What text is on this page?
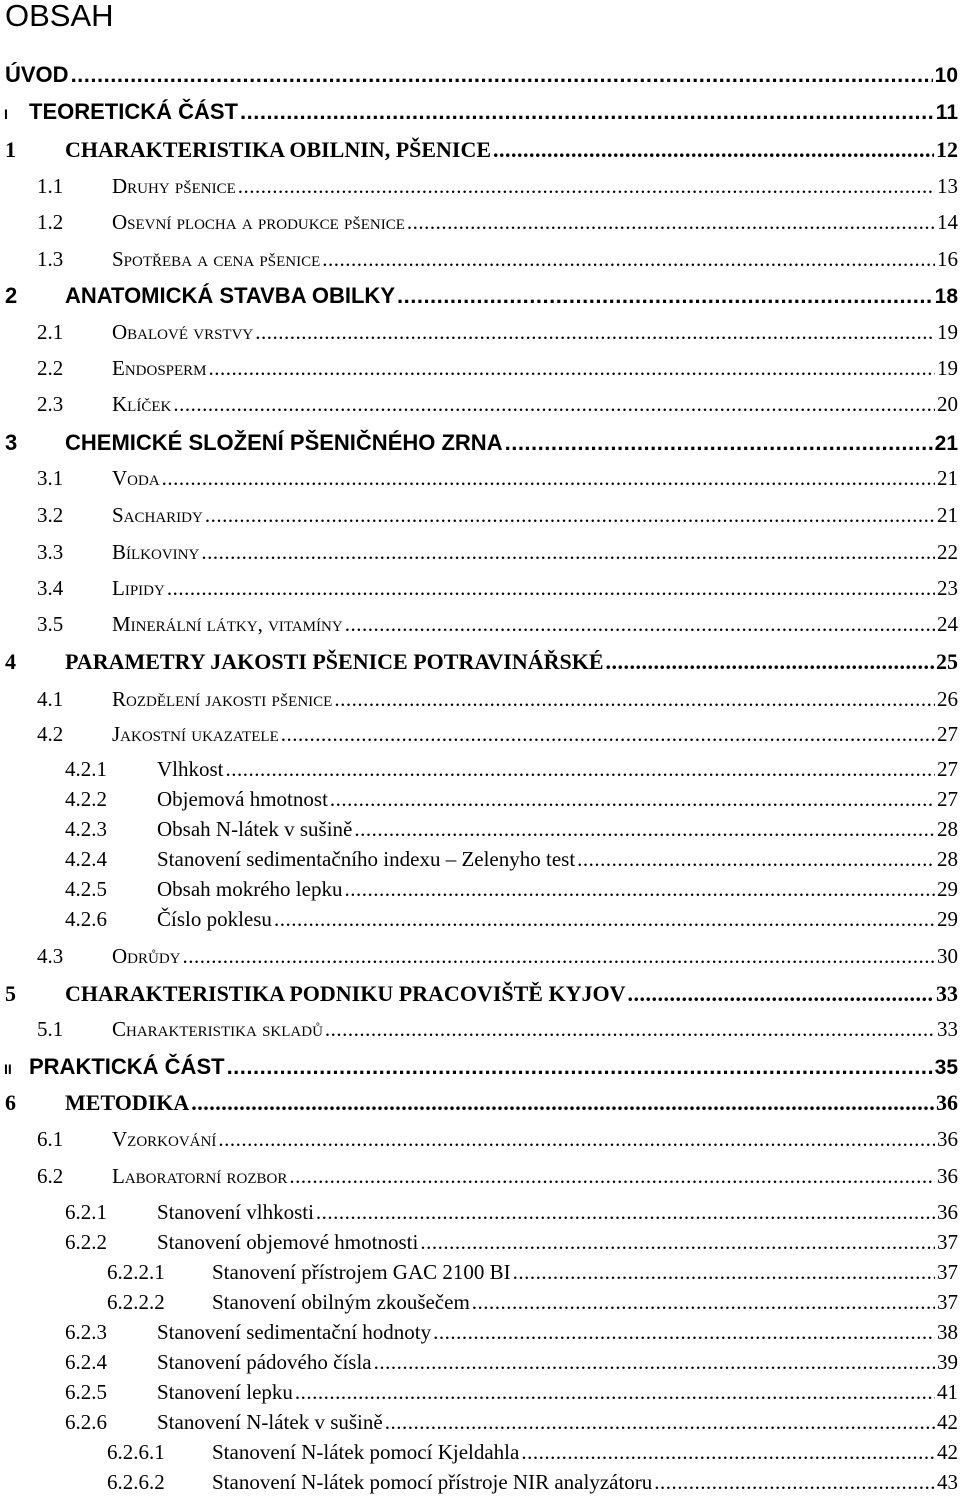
OBSAH
ÚVOD .....	10
I TEORETICKÁ ČÁST .....	11
1	CHARAKTERISTIKA OBILNIN, PŠENICE .....	12
1.1	Druhy pšenice .....	13
1.2	Osevní plocha a produkce pšenice .....	14
1.3	Spotřeba a cena pšenice .....	16
2	ANATOMICKÁ STAVBA OBILKY .....	18
2.1	Obalové vrstvy .....	19
2.2	Endosperm .....	19
2.3	Klíček .....	20
3	CHEMICKÉ SLOŽENÍ PŠENIČNÉHO ZRNA .....	21
3.1	Voda .....	21
3.2	Sacharidy .....	21
3.3	Bílkoviny .....	22
3.4	Lipidy .....	23
3.5	Minerální látky, vitamíny .....	24
4	PARAMETRY JAKOSTI PŠENICE POTRAVINÁŘSKÉ .....	25
4.1	Rozdělení jakosti pšenice .....	26
4.2	Jakostní ukazatele .....	27
4.2.1	Vlhkost .....	27
4.2.2	Objemová hmotnost .....	27
4.2.3	Obsah N-látek v sušině .....	28
4.2.4	Stanovení sedimentačního indexu – Zelenyho test .....	28
4.2.5	Obsah mokrého lepku .....	29
4.2.6	Číslo poklesu .....	29
4.3	Odrůdy .....	30
5	CHARAKTERISTIKA PODNIKU PRACOVIŠTĚ KYJOV .....	33
5.1	Charakteristika skladů .....	33
II PRAKTICKÁ ČÁST .....	35
6	METODIKA .....	36
6.1	Vzorkování .....	36
6.2	Laboratorní rozbor .....	36
6.2.1	Stanovení vlhkosti .....	36
6.2.2	Stanovení objemové hmotnosti .....	37
6.2.2.1	Stanovení přístrojem GAC 2100 BI .....	37
6.2.2.2	Stanovení obilným zkoušečem .....	37
6.2.3	Stanovení sedimentační hodnoty .....	38
6.2.4	Stanovení pádového čísla .....	39
6.2.5	Stanovení lepku .....	41
6.2.6	Stanovení N-látek v sušině .....	42
6.2.6.1	Stanovení N-látek pomocí Kjeldahla .....	42
6.2.6.2	Stanovení N-látek pomocí přístroje NIR analyzátoru .....	43
